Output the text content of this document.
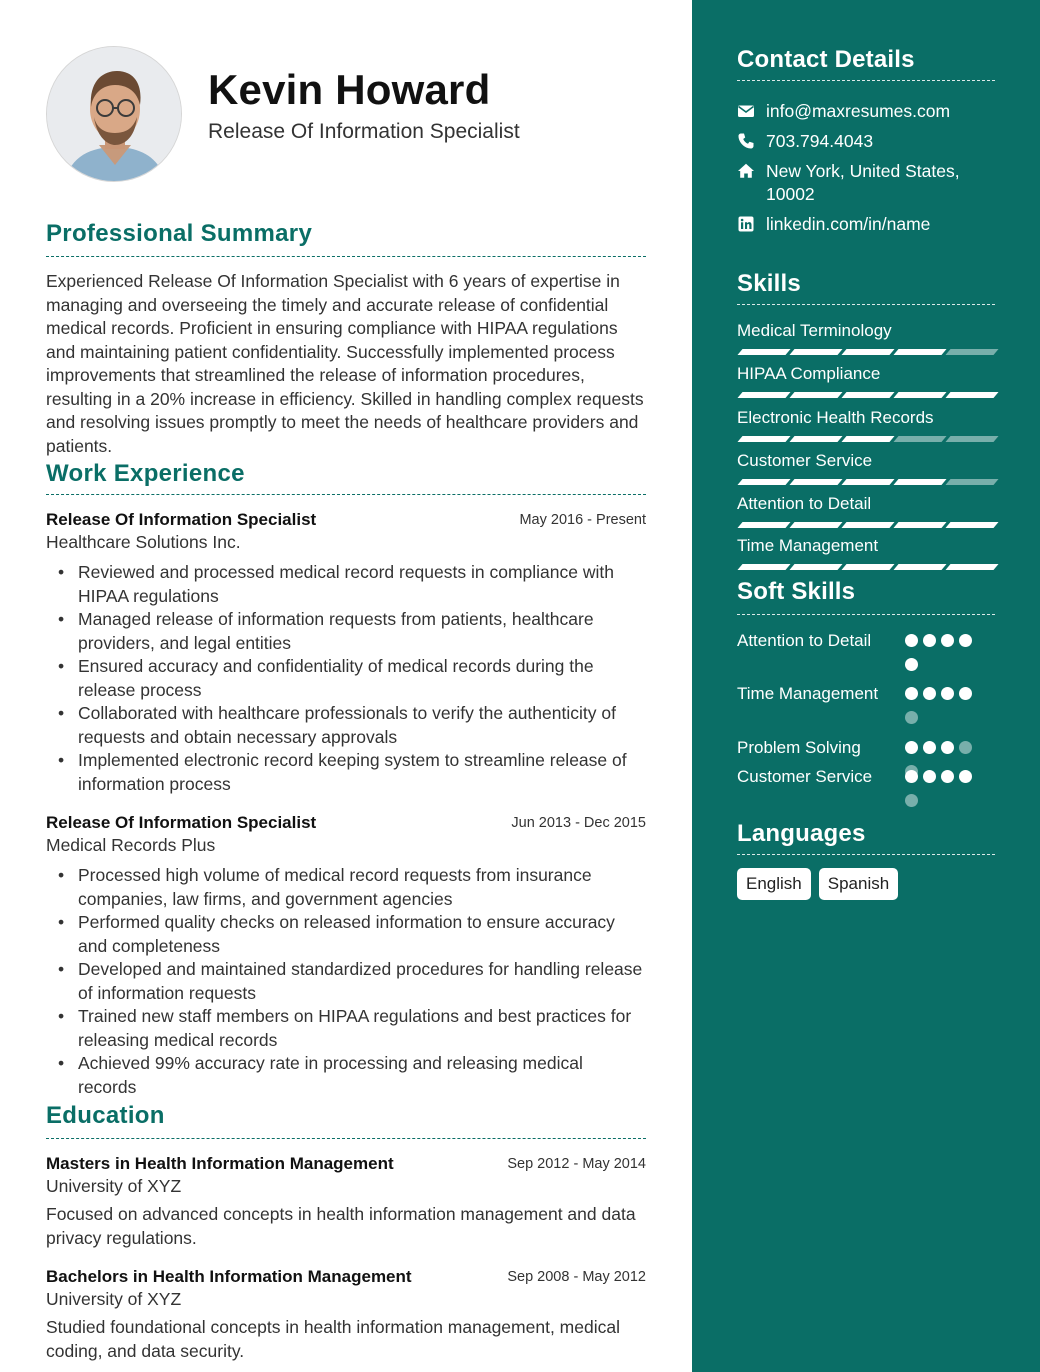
Kevin Howard
Release Of Information Specialist
Professional Summary
Experienced Release Of Information Specialist with 6 years of expertise in managing and overseeing the timely and accurate release of confidential medical records. Proficient in ensuring compliance with HIPAA regulations and maintaining patient confidentiality. Successfully implemented process improvements that streamlined the release of information procedures, resulting in a 20% increase in efficiency. Skilled in handling complex requests and resolving issues promptly to meet the needs of healthcare providers and patients.
Work Experience
Release Of Information Specialist	May 2016 - Present
Healthcare Solutions Inc.
• Reviewed and processed medical record requests in compliance with HIPAA regulations
• Managed release of information requests from patients, healthcare providers, and legal entities
• Ensured accuracy and confidentiality of medical records during the release process
• Collaborated with healthcare professionals to verify the authenticity of requests and obtain necessary approvals
• Implemented electronic record keeping system to streamline release of information process
Release Of Information Specialist	Jun 2013 - Dec 2015
Medical Records Plus
• Processed high volume of medical record requests from insurance companies, law firms, and government agencies
• Performed quality checks on released information to ensure accuracy and completeness
• Developed and maintained standardized procedures for handling release of information requests
• Trained new staff members on HIPAA regulations and best practices for releasing medical records
• Achieved 99% accuracy rate in processing and releasing medical records
Education
Masters in Health Information Management	Sep 2012 - May 2014
University of XYZ
Focused on advanced concepts in health information management and data privacy regulations.
Bachelors in Health Information Management	Sep 2008 - May 2012
University of XYZ
Studied foundational concepts in health information management, medical coding, and data security.
Contact Details
info@maxresumes.com
703.794.4043
New York, United States, 10002
linkedin.com/in/name
Skills
Medical Terminology
HIPAA Compliance
Electronic Health Records
Customer Service
Attention to Detail
Time Management
Soft Skills
Attention to Detail
Time Management
Problem Solving
Customer Service
Languages
English	Spanish
